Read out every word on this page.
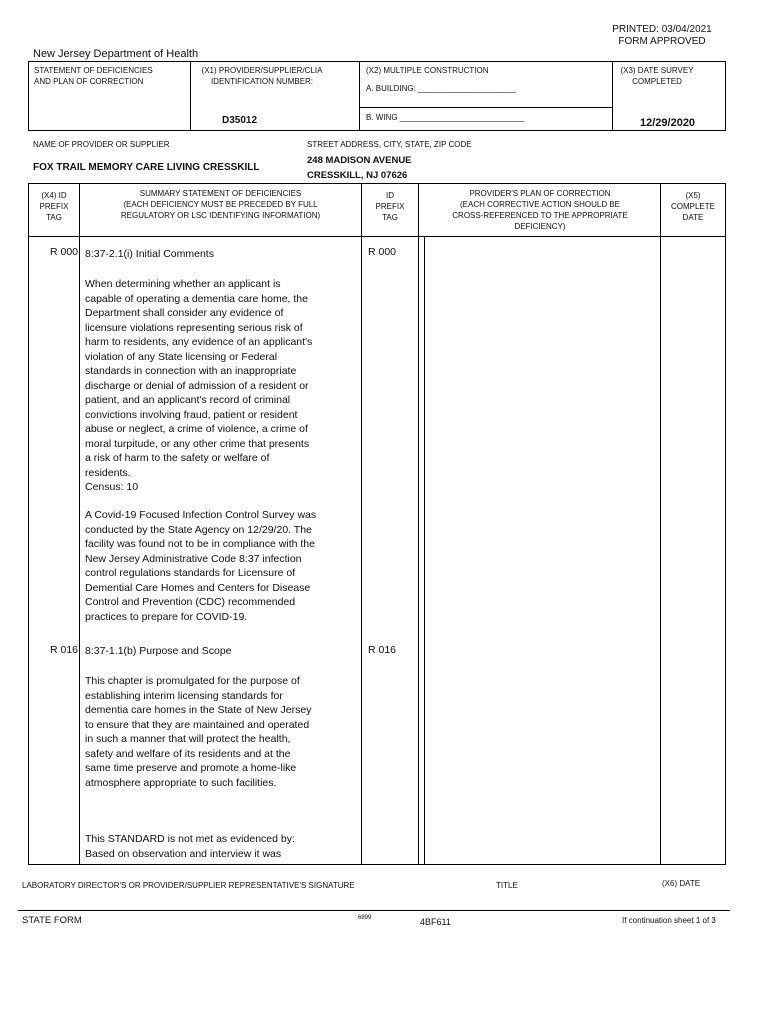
PRINTED: 03/04/2021
FORM APPROVED
New Jersey Department of Health
STATEMENT OF DEFICIENCIES
AND PLAN OF CORRECTION
(X1) PROVIDER/SUPPLIER/CLIA
IDENTIFICATION NUMBER:
D35012
(X2) MULTIPLE CONSTRUCTION
A. BUILDING: ______________________
B. WING ____________________________
(X3) DATE SURVEY
COMPLETED
12/29/2020
NAME OF PROVIDER OR SUPPLIER
FOX TRAIL MEMORY CARE LIVING CRESSKILL
STREET ADDRESS, CITY, STATE, ZIP CODE
248 MADISON AVENUE
CRESSKILL, NJ 07626
(X4) ID
PREFIX
TAG
SUMMARY STATEMENT OF DEFICIENCIES
(EACH DEFICIENCY MUST BE PRECEDED BY FULL
REGULATORY OR LSC IDENTIFYING INFORMATION)
ID
PREFIX
TAG
PROVIDER'S PLAN OF CORRECTION
(EACH CORRECTIVE ACTION SHOULD BE
CROSS-REFERENCED TO THE APPROPRIATE
DEFICIENCY)
(X5)
COMPLETE
DATE
R 000 8:37-2.1(i) Initial Comments	R 000
When determining whether an applicant is
capable of operating a dementia care home, the
Department shall consider any evidence of
licensure violations representing serious risk of
harm to residents, any evidence of an applicant's
violation of any State licensing or Federal
standards in connection with an inappropriate
discharge or denial of admission of a resident or
patient, and an applicant's record of criminal
convictions involving fraud, patient or resident
abuse or neglect, a crime of violence, a crime of
moral turpitude, or any other crime that presents
a risk of harm to the safety or welfare of
residents.
Census: 10
A Covid-19 Focused Infection Control Survey was
conducted by the State Agency on 12/29/20. The
facility was found not to be in compliance with the
New Jersey Administrative Code 8:37 infection
control regulations standards for Licensure of
Demential Care Homes and Centers for Disease
Control and Prevention (CDC) recommended
practices to prepare for COVID-19.
R 016 8:37-1.1(b) Purpose and Scope	R 016
This chapter is promulgated for the purpose of
establishing interim licensing standards for
dementia care homes in the State of New Jersey
to ensure that they are maintained and operated
in such a manner that will protect the health,
safety and welfare of its residents and at the
same time preserve and promote a home-like
atmosphere appropriate to such facilities.
This STANDARD is not met as evidenced by:
Based on observation and interview it was
LABORATORY DIRECTOR'S OR PROVIDER/SUPPLIER REPRESENTATIVE'S SIGNATURE	TITLE	(X6) DATE
STATE FORM	6899	4BF611	If continuation sheet 1 of 3
